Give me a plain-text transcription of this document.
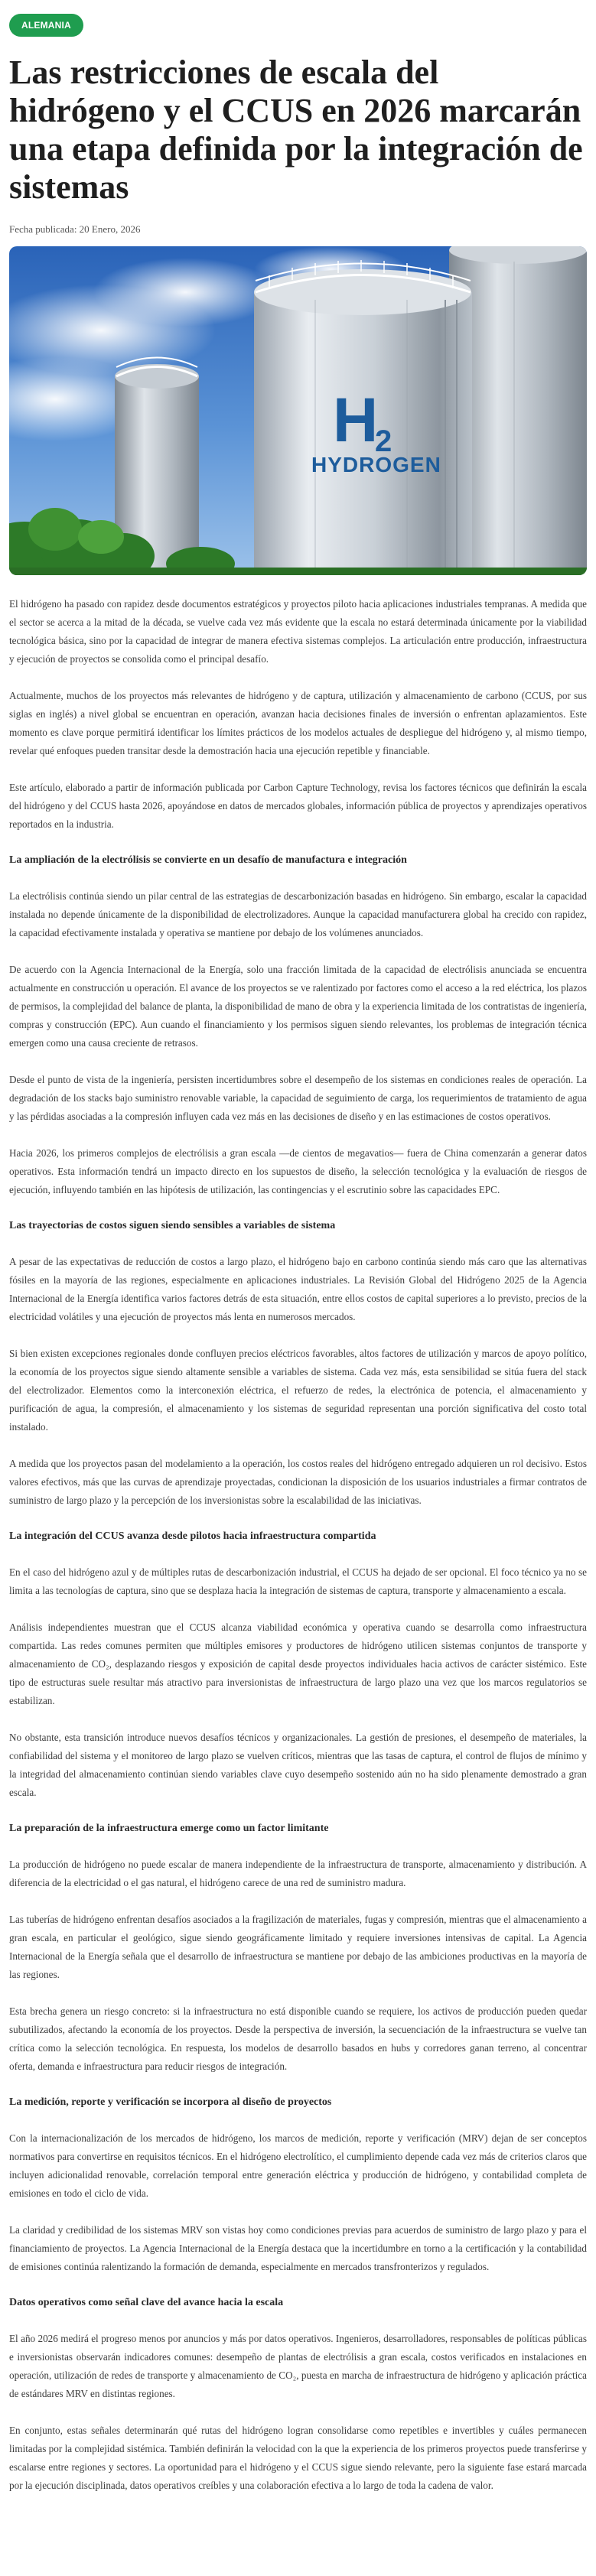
ALEMANIA
Las restricciones de escala del hidrógeno y el CCUS en 2026 marcarán una etapa definida por la integración de sistemas
Fecha publicada: 20 Enero, 2026
H
2
HYDROGEN

El hidrógeno ha pasado con rapidez desde documentos estratégicos y proyectos piloto hacia aplicaciones industriales tempranas. A medida que el sector se acerca a la mitad de la década, se vuelve cada vez más evidente que la escala no estará determinada únicamente por la viabilidad tecnológica básica, sino por la capacidad de integrar de manera efectiva sistemas complejos. La articulación entre producción, infraestructura y ejecución de proyectos se consolida como el principal desafío.

Actualmente, muchos de los proyectos más relevantes de hidrógeno y de captura, utilización y almacenamiento de carbono (CCUS, por sus siglas en inglés) a nivel global se encuentran en operación, avanzan hacia decisiones finales de inversión o enfrentan aplazamientos. Este momento es clave porque permitirá identificar los límites prácticos de los modelos actuales de despliegue del hidrógeno y, al mismo tiempo, revelar qué enfoques pueden transitar desde la demostración hacia una ejecución repetible y financiable.

Este artículo, elaborado a partir de información publicada por Carbon Capture Technology, revisa los factores técnicos que definirán la escala del hidrógeno y del CCUS hasta 2026, apoyándose en datos de mercados globales, información pública de proyectos y aprendizajes operativos reportados en la industria.

La ampliación de la electrólisis se convierte en un desafío de manufactura e integración

La electrólisis continúa siendo un pilar central de las estrategias de descarbonización basadas en hidrógeno. Sin embargo, escalar la capacidad instalada no depende únicamente de la disponibilidad de electrolizadores. Aunque la capacidad manufacturera global ha crecido con rapidez, la capacidad efectivamente instalada y operativa se mantiene por debajo de los volúmenes anunciados.

De acuerdo con la Agencia Internacional de la Energía, solo una fracción limitada de la capacidad de electrólisis anunciada se encuentra actualmente en construcción u operación. El avance de los proyectos se ve ralentizado por factores como el acceso a la red eléctrica, los plazos de permisos, la complejidad del balance de planta, la disponibilidad de mano de obra y la experiencia limitada de los contratistas de ingeniería, compras y construcción (EPC). Aun cuando el financiamiento y los permisos siguen siendo relevantes, los problemas de integración técnica emergen como una causa creciente de retrasos.

Desde el punto de vista de la ingeniería, persisten incertidumbres sobre el desempeño de los sistemas en condiciones reales de operación. La degradación de los stacks bajo suministro renovable variable, la capacidad de seguimiento de carga, los requerimientos de tratamiento de agua y las pérdidas asociadas a la compresión influyen cada vez más en las decisiones de diseño y en las estimaciones de costos operativos.

Hacia 2026, los primeros complejos de electrólisis a gran escala —de cientos de megavatios— fuera de China comenzarán a generar datos operativos. Esta información tendrá un impacto directo en los supuestos de diseño, la selección tecnológica y la evaluación de riesgos de ejecución, influyendo también en las hipótesis de utilización, las contingencias y el escrutinio sobre las capacidades EPC.

Las trayectorias de costos siguen siendo sensibles a variables de sistema

A pesar de las expectativas de reducción de costos a largo plazo, el hidrógeno bajo en carbono continúa siendo más caro que las alternativas fósiles en la mayoría de las regiones, especialmente en aplicaciones industriales. La Revisión Global del Hidrógeno 2025 de la Agencia Internacional de la Energía identifica varios factores detrás de esta situación, entre ellos costos de capital superiores a lo previsto, precios de la electricidad volátiles y una ejecución de proyectos más lenta en numerosos mercados.

Si bien existen excepciones regionales donde confluyen precios eléctricos favorables, altos factores de utilización y marcos de apoyo político, la economía de los proyectos sigue siendo altamente sensible a variables de sistema. Cada vez más, esta sensibilidad se sitúa fuera del stack del electrolizador. Elementos como la interconexión eléctrica, el refuerzo de redes, la electrónica de potencia, el almacenamiento y purificación de agua, la compresión, el almacenamiento y los sistemas de seguridad representan una porción significativa del costo total instalado.

A medida que los proyectos pasan del modelamiento a la operación, los costos reales del hidrógeno entregado adquieren un rol decisivo. Estos valores efectivos, más que las curvas de aprendizaje proyectadas, condicionan la disposición de los usuarios industriales a firmar contratos de suministro de largo plazo y la percepción de los inversionistas sobre la escalabilidad de las iniciativas.

La integración del CCUS avanza desde pilotos hacia infraestructura compartida

En el caso del hidrógeno azul y de múltiples rutas de descarbonización industrial, el CCUS ha dejado de ser opcional. El foco técnico ya no se limita a las tecnologías de captura, sino que se desplaza hacia la integración de sistemas de captura, transporte y almacenamiento a escala.

Análisis independientes muestran que el CCUS alcanza viabilidad económica y operativa cuando se desarrolla como infraestructura compartida. Las redes comunes permiten que múltiples emisores y productores de hidrógeno utilicen sistemas conjuntos de transporte y almacenamiento de CO₂, desplazando riesgos y exposición de capital desde proyectos individuales hacia activos de carácter sistémico. Este tipo de estructuras suele resultar más atractivo para inversionistas de infraestructura de largo plazo una vez que los marcos regulatorios se estabilizan.

No obstante, esta transición introduce nuevos desafíos técnicos y organizacionales. La gestión de presiones, el desempeño de materiales, la confiabilidad del sistema y el monitoreo de largo plazo se vuelven críticos, mientras que las tasas de captura, el control de flujos de mínimo y la integridad del almacenamiento continúan siendo variables clave cuyo desempeño sostenido aún no ha sido plenamente demostrado a gran escala.

La preparación de la infraestructura emerge como un factor limitante

La producción de hidrógeno no puede escalar de manera independiente de la infraestructura de transporte, almacenamiento y distribución. A diferencia de la electricidad o el gas natural, el hidrógeno carece de una red de suministro madura.

Las tuberías de hidrógeno enfrentan desafíos asociados a la fragilización de materiales, fugas y compresión, mientras que el almacenamiento a gran escala, en particular el geológico, sigue siendo geográficamente limitado y requiere inversiones intensivas de capital. La Agencia Internacional de la Energía señala que el desarrollo de infraestructura se mantiene por debajo de las ambiciones productivas en la mayoría de las regiones.

Esta brecha genera un riesgo concreto: si la infraestructura no está disponible cuando se requiere, los activos de producción pueden quedar subutilizados, afectando la economía de los proyectos. Desde la perspectiva de inversión, la secuenciación de la infraestructura se vuelve tan crítica como la selección tecnológica. En respuesta, los modelos de desarrollo basados en hubs y corredores ganan terreno, al concentrar oferta, demanda e infraestructura para reducir riesgos de integración.

La medición, reporte y verificación se incorpora al diseño de proyectos

Con la internacionalización de los mercados de hidrógeno, los marcos de medición, reporte y verificación (MRV) dejan de ser conceptos normativos para convertirse en requisitos técnicos. En el hidrógeno electrolítico, el cumplimiento depende cada vez más de criterios claros que incluyen adicionalidad renovable, correlación temporal entre generación eléctrica y producción de hidrógeno, y contabilidad completa de emisiones en todo el ciclo de vida.

La claridad y credibilidad de los sistemas MRV son vistas hoy como condiciones previas para acuerdos de suministro de largo plazo y para el financiamiento de proyectos. La Agencia Internacional de la Energía destaca que la incertidumbre en torno a la certificación y la contabilidad de emisiones continúa ralentizando la formación de demanda, especialmente en mercados transfronterizos y regulados.

Datos operativos como señal clave del avance hacia la escala

El año 2026 medirá el progreso menos por anuncios y más por datos operativos. Ingenieros, desarrolladores, responsables de políticas públicas e inversionistas observarán indicadores comunes: desempeño de plantas de electrólisis a gran escala, costos verificados en instalaciones en operación, utilización de redes de transporte y almacenamiento de CO₂, puesta en marcha de infraestructura de hidrógeno y aplicación práctica de estándares MRV en distintas regiones.

En conjunto, estas señales determinarán qué rutas del hidrógeno logran consolidarse como repetibles e invertibles y cuáles permanecen limitadas por la complejidad sistémica. También definirán la velocidad con la que la experiencia de los primeros proyectos puede transferirse y escalarse entre regiones y sectores. La oportunidad para el hidrógeno y el CCUS sigue siendo relevante, pero la siguiente fase estará marcada por la ejecución disciplinada, datos operativos creíbles y una colaboración efectiva a lo largo de toda la cadena de valor.
